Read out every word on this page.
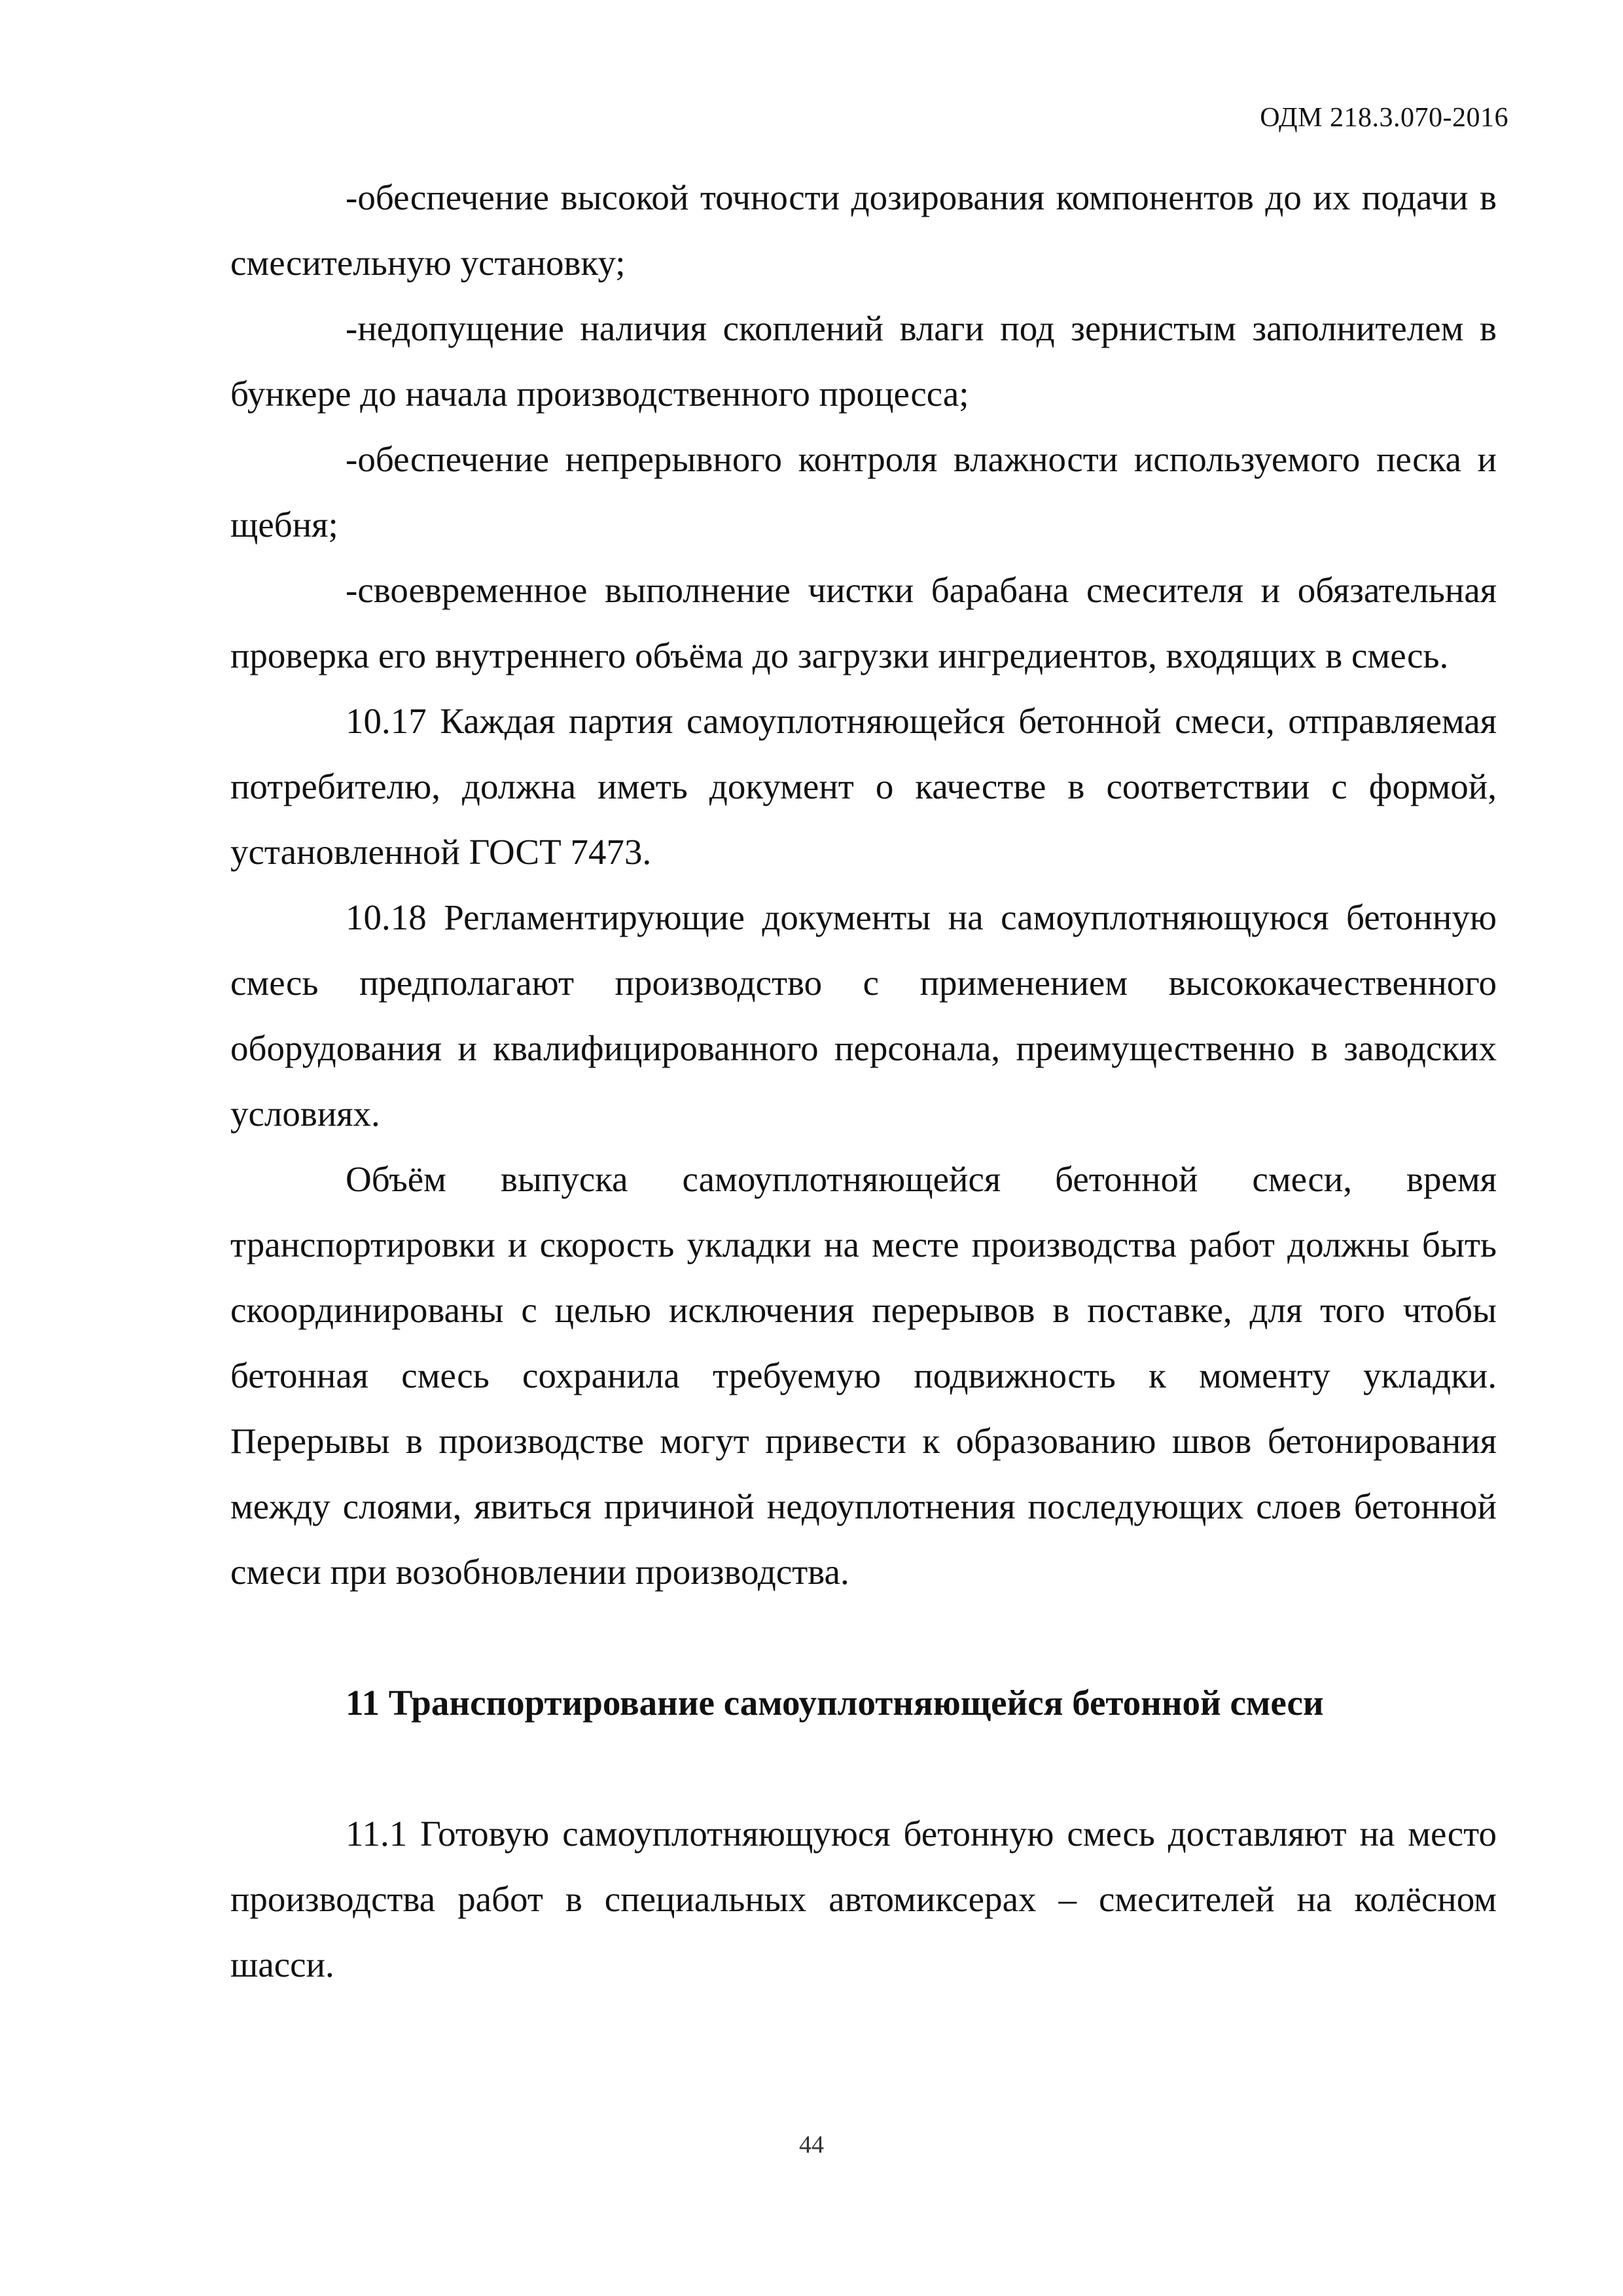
ОДМ 218.3.070-2016

-обеспечение высокой точности дозирования компонентов до их подачи в смесительную установку;

-недопущение наличия скоплений влаги под зернистым заполнителем в бункере до начала производственного процесса;

-обеспечение непрерывного контроля влажности используемого песка и щебня;

-своевременное выполнение чистки барабана смесителя и обязательная проверка его внутреннего объёма до загрузки ингредиентов, входящих в смесь.

10.17 Каждая партия самоуплотняющейся бетонной смеси, отправляемая потребителю, должна иметь документ о качестве в соответствии с формой, установленной ГОСТ 7473.

10.18 Регламентирующие документы на самоуплотняющуюся бетонную смесь предполагают производство с применением высококачественного оборудования и квалифицированного персонала, преимущественно в заводских условиях.

Объём выпуска самоуплотняющейся бетонной смеси, время транспортировки и скорость укладки на месте производства работ должны быть скоординированы с целью исключения перерывов в поставке, для того чтобы бетонная смесь сохранила требуемую подвижность к моменту укладки. Перерывы в производстве могут привести к образованию швов бетонирования между слоями, явиться причиной недоуплотнения последующих слоев бетонной смеси при возобновлении производства.

11 Транспортирование самоуплотняющейся бетонной смеси

11.1 Готовую самоуплотняющуюся бетонную смесь доставляют на место производства работ в специальных автомиксерах – смесителей на колёсном шасси.

44
